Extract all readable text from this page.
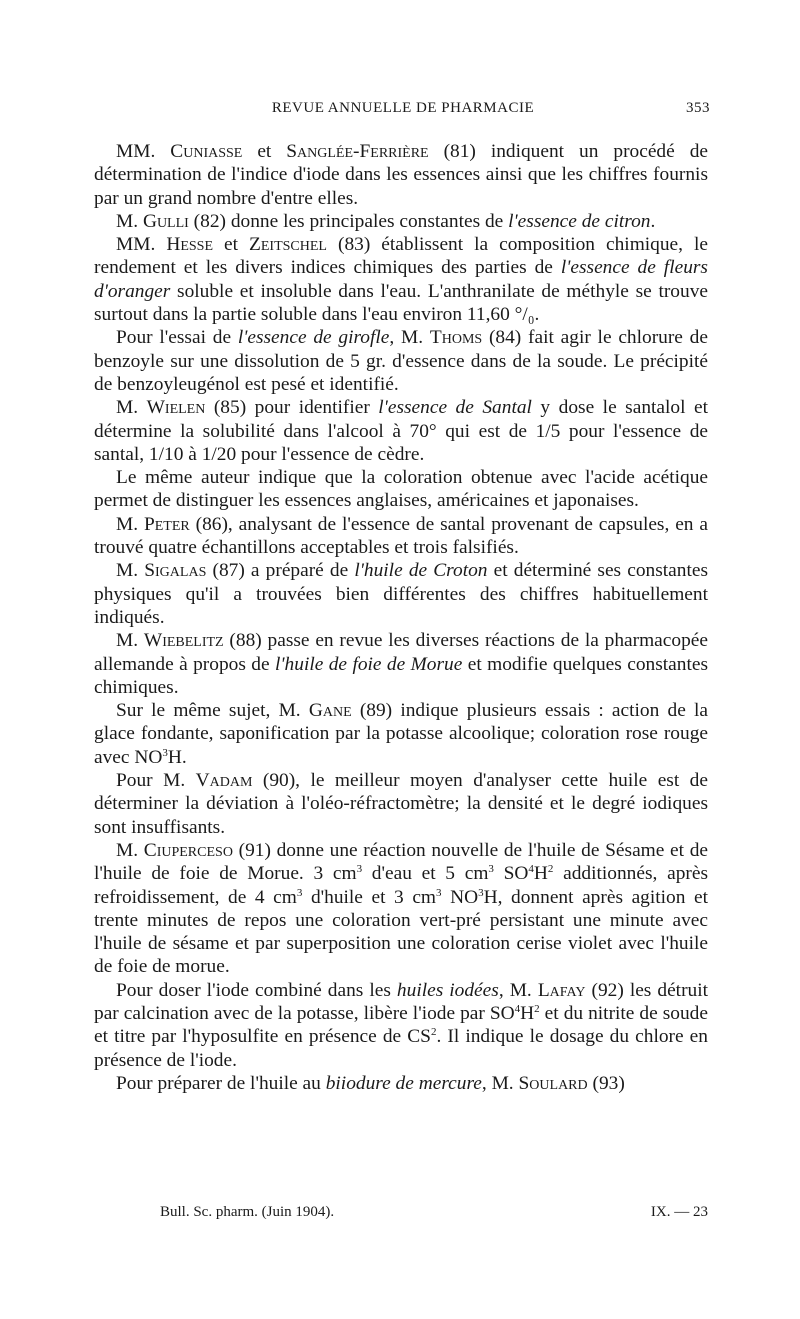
REVUE ANNUELLE DE PHARMACIE	353

MM. Cuniasse et Sanglée-Ferrière (81) indiquent un procédé de détermination de l'indice d'iode dans les essences ainsi que les chiffres fournis par un grand nombre d'entre elles.

M. Gulli (82) donne les principales constantes de l'essence de citron.

MM. Hesse et Zeitschel (83) établissent la composition chimique, le rendement et les divers indices chimiques des parties de l'essence de fleurs d'oranger soluble et insoluble dans l'eau. L'anthranilate de méthyle se trouve surtout dans la partie soluble dans l'eau environ 11,60 °/₀.

Pour l'essai de l'essence de girofle, M. Thoms (84) fait agir le chlorure de benzoyle sur une dissolution de 5 gr. d'essence dans de la soude. Le précipité de benzoyleugénol est pesé et identifié.

M. Wielen (85) pour identifier l'essence de Santal y dose le santalol et détermine la solubilité dans l'alcool à 70° qui est de 1/5 pour l'essence de santal, 1/10 à 1/20 pour l'essence de cèdre.

Le même auteur indique que la coloration obtenue avec l'acide acétique permet de distinguer les essences anglaises, américaines et japonaises.

M. Peter (86), analysant de l'essence de santal provenant de capsules, en a trouvé quatre échantillons acceptables et trois falsifiés.

M. Sigalas (87) a préparé de l'huile de Croton et déterminé ses constantes physiques qu'il a trouvées bien différentes des chiffres habituellement indiqués.

M. Wiebelitz (88) passe en revue les diverses réactions de la pharmacopée allemande à propos de l'huile de foie de Morue et modifie quelques constantes chimiques.

Sur le même sujet, M. Gane (89) indique plusieurs essais : action de la glace fondante, saponification par la potasse alcoolique; coloration rose rouge avec $NO^3H$.

Pour M. Vadam (90), le meilleur moyen d'analyser cette huile est de déterminer la déviation à l'oléo-réfractomètre; la densité et le degré iodiques sont insuffisants.

M. Ciuperceso (91) donne une réaction nouvelle de l'huile de Sésame et de l'huile de foie de Morue. 3 $cm^3$ d'eau et 5 $cm^3$ $SO^4H^2$ additionnés, après refroidissement, de 4 $cm^3$ d'huile et 3 $cm^3$ $NO^3H$, donnent après agition et trente minutes de repos une coloration vert-pré persistant une minute avec l'huile de sésame et par superposition une coloration cerise violet avec l'huile de foie de morue.

Pour doser l'iode combiné dans les huiles iodées, M. Lafay (92) les détruit par calcination avec de la potasse, libère l'iode par $SO^4H^2$ et du nitrite de soude et titre par l'hyposulfite en présence de $CS^2$. Il indique le dosage du chlore en présence de l'iode.

Pour préparer de l'huile au biiodure de mercure, M. Soulard (93)

Bull. Sc. pharm. (Juin 1904).	IX. — 23
